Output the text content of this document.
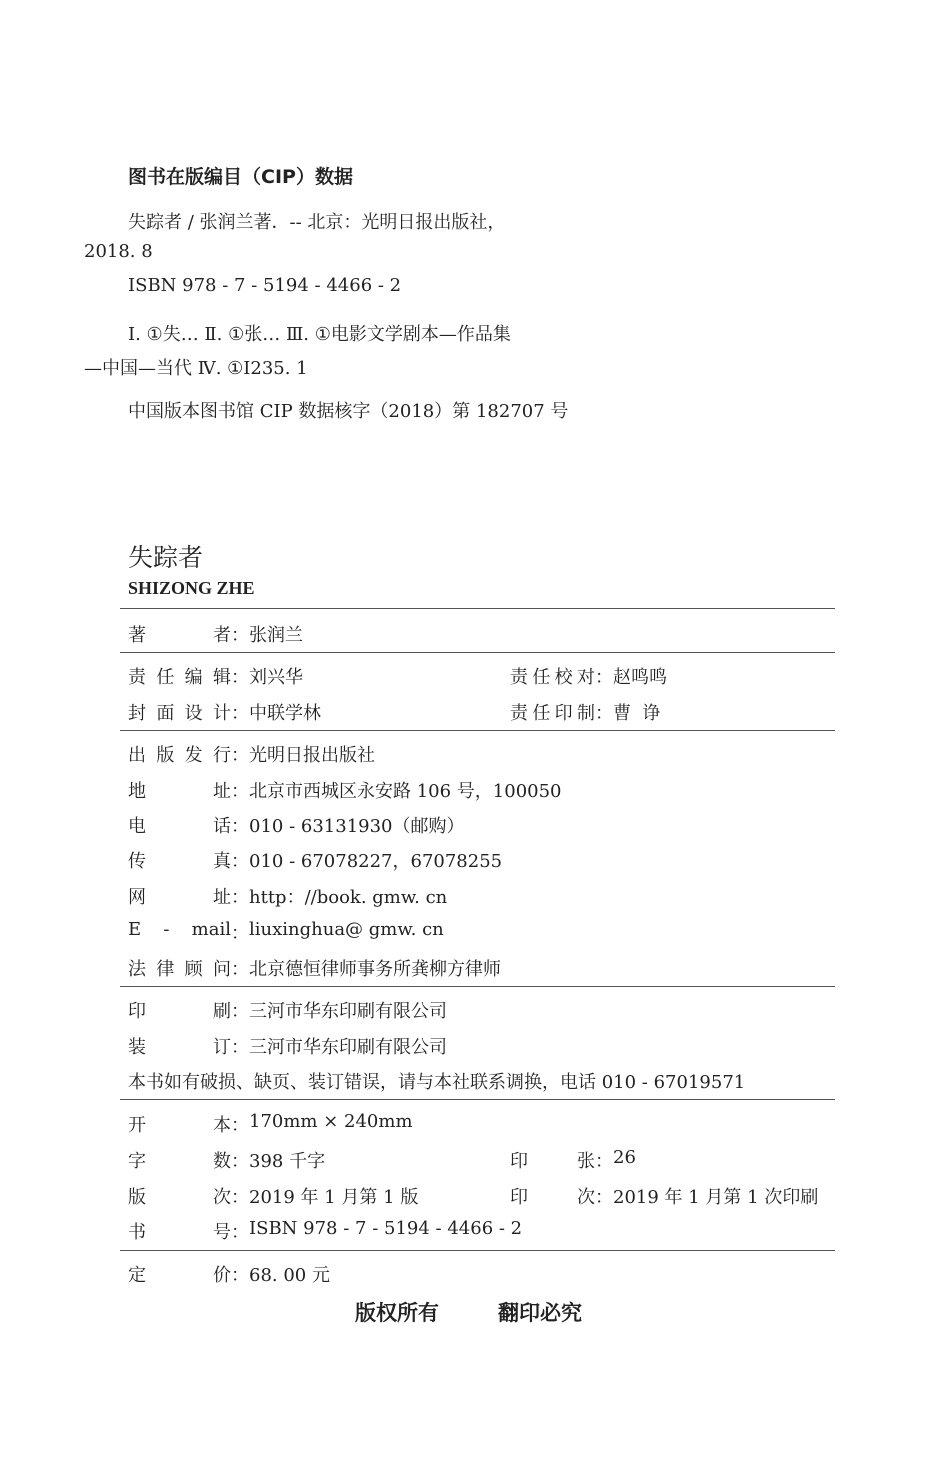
图书在版编目（CIP）数据
失踪者 / 张润兰著．-- 北京：光明日报出版社，
2018. 8
ISBN 978 - 7 - 5194 - 4466 - 2
Ⅰ. ①失… Ⅱ. ①张… Ⅲ. ①电影文学剧本—作品集
—中国—当代 Ⅳ. ①I235. 1
中国版本图书馆 CIP 数据核字（2018）第 182707 号
失踪者
SHIZONG ZHE
著者 ： 张润兰
责任编辑 ： 刘兴华	责任校对 ： 赵鸣鸣
封面设计 ： 中联学林	责任印制 ： 曹  诤
出版发行 ： 光明日报出版社
地址 ： 北京市西城区永安路 106 号，100050
电话 ： 010 - 63131930（邮购）
传真 ： 010 - 67078227，67078255
网址 ： http：//book. gmw. cn
E - mail ： liuxinghua@ gmw. cn
法律顾问 ： 北京德恒律师事务所龚柳方律师
印刷 ： 三河市华东印刷有限公司
装订 ： 三河市华东印刷有限公司
本书如有破损、缺页、装订错误，请与本社联系调换，电话 010 - 67019571
开本 ： 170mm × 240mm
字数 ： 398 千字	印张 ： 26
版次 ： 2019 年 1 月第 1 版	印次 ： 2019 年 1 月第 1 次印刷
书号 ： ISBN 978 - 7 - 5194 - 4466 - 2
定价 ： 68. 00 元
版权所有	翻印必究
